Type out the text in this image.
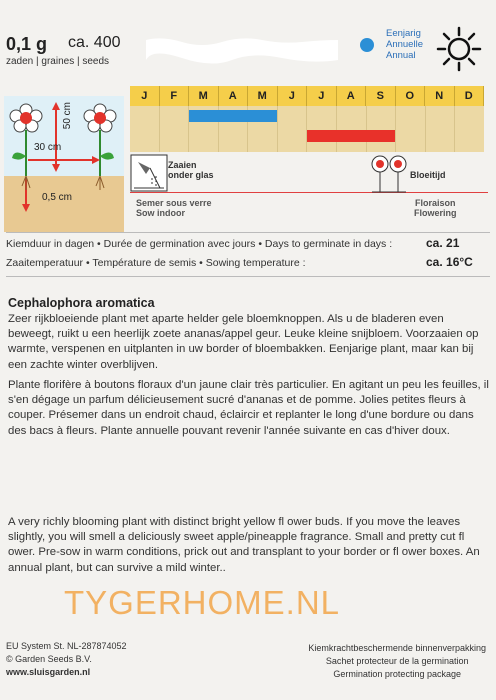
0,1 g ca. 400
zaden | graines | seeds
Eenjarig
Annuelle
Annual
50 cm
30 cm
0,5 cm
J	F	M	A	M	J	J	A	S	O	N	D
Zaaien
onder glas
Semer sous verre
Sow indoor
Bloeitijd
Floraison
Flowering
Kiemduur in dagen • Durée de germination avec jours • Days to germinate in days :	ca. 21
Zaaitemperatuur • Température de semis • Sowing temperature :	ca. 16°C
Cephalophora aromatica
Zeer rijkbloeiende plant met aparte helder gele bloemknoppen. Als u de bladeren even beweegt, ruikt u een heerlijk zoete ananas/appel geur. Leuke kleine snijbloem. Voorzaaien op warmte, verspenen en uitplanten in uw border of bloembakken. Eenjarige plant, maar kan bij een zachte winter overblijven.
Plante florifère à boutons floraux d'un jaune clair très particulier. En agitant un peu les feuilles, il s'en dégage un parfum délicieusement sucré d'ananas et de pomme. Jolies petites fleurs à couper. Présemer dans un endroit chaud, éclaircir et replanter le long d'une bordure ou dans des bacs à fleurs. Plante annuelle pouvant revenir l'année suivante en cas d'hiver doux.
A very richly blooming plant with distinct bright yellow fl ower buds. If you move the leaves slightly, you will smell a deliciously sweet apple/pineapple fragrance. Small and pretty cut fl ower. Pre-sow in warm conditions, prick out and transplant to your border or fl ower boxes. An annual plant, but can survive a mild winter..
TYGERHOME.NL
EU System St. NL-287874052
© Garden Seeds B.V.
www.sluisgarden.nl
Kiemkrachtbeschermende binnenverpakking
Sachet protecteur de la germination
Germination protecting package
